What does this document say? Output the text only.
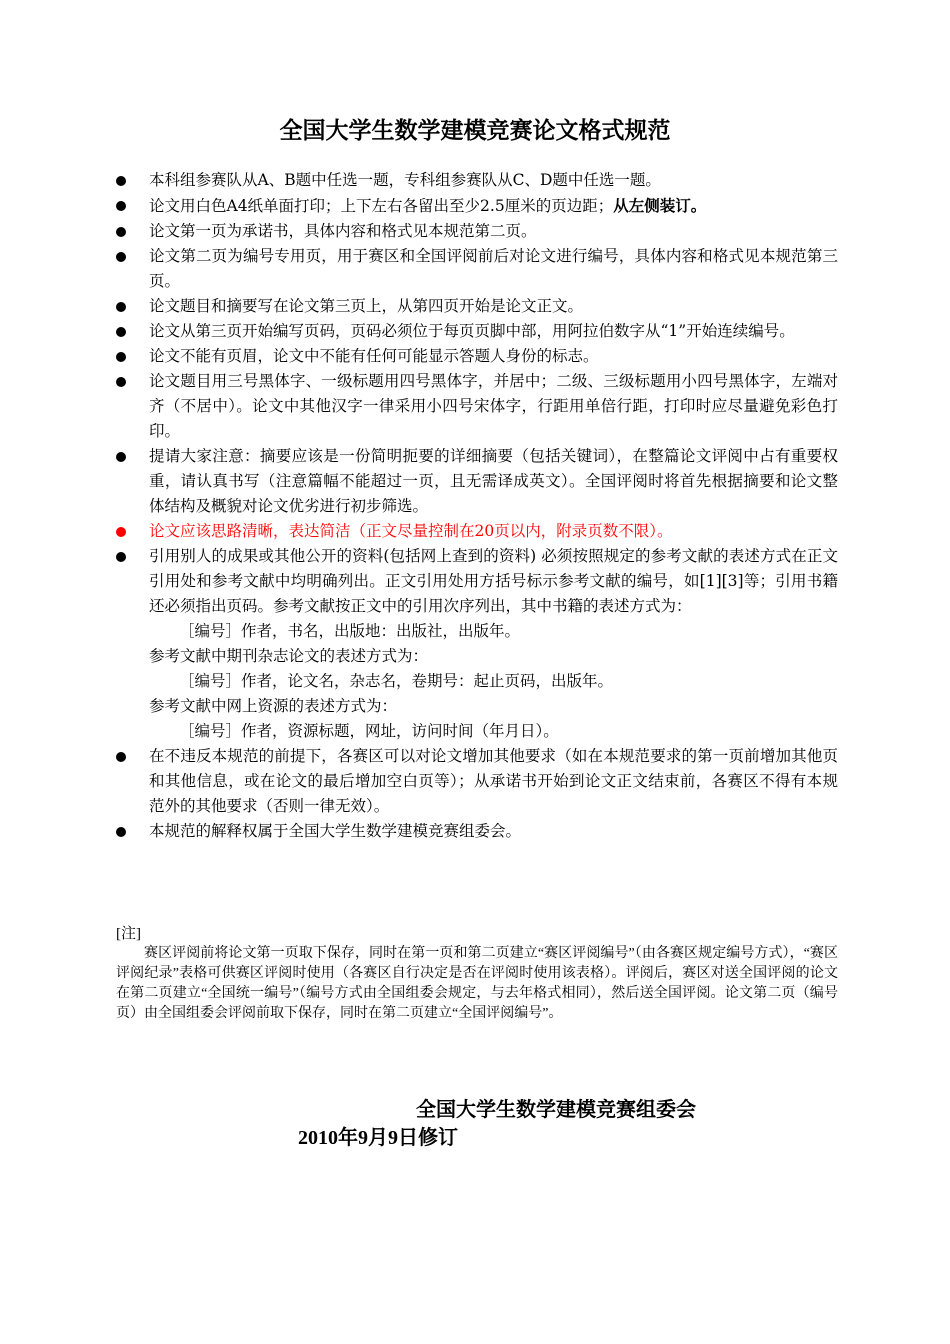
全国大学生数学建模竞赛论文格式规范
本科组参赛队从A、B题中任选一题，专科组参赛队从C、D题中任选一题。
论文用白色A4纸单面打印；上下左右各留出至少2.5厘米的页边距；从左侧装订。
论文第一页为承诺书，具体内容和格式见本规范第二页。
论文第二页为编号专用页，用于赛区和全国评阅前后对论文进行编号，具体内容和格式见本规范第三页。
论文题目和摘要写在论文第三页上，从第四页开始是论文正文。
论文从第三页开始编写页码，页码必须位于每页页脚中部，用阿拉伯数字从“1”开始连续编号。
论文不能有页眉，论文中不能有任何可能显示答题人身份的标志。
论文题目用三号黑体字、一级标题用四号黑体字，并居中；二级、三级标题用小四号黑体字，左端对齐（不居中）。论文中其他汉字一律采用小四号宋体字，行距用单倍行距，打印时应尽量避免彩色打印。
提请大家注意：摘要应该是一份简明扼要的详细摘要（包括关键词），在整篇论文评阅中占有重要权重，请认真书写（注意篇幅不能超过一页，且无需译成英文）。全国评阅时将首先根据摘要和论文整体结构及概貌对论文优劣进行初步筛选。
论文应该思路清晰，表达简洁（正文尽量控制在20页以内，附录页数不限）。
引用别人的成果或其他公开的资料(包括网上查到的资料) 必须按照规定的参考文献的表述方式在正文引用处和参考文献中均明确列出。正文引用处用方括号标示参考文献的编号，如[1][3]等；引用书籍还必须指出页码。参考文献按正文中的引用次序列出，其中书籍的表述方式为：
［编号］作者，书名，出版地：出版社，出版年。
参考文献中期刊杂志论文的表述方式为：
［编号］作者，论文名，杂志名，卷期号：起止页码，出版年。
参考文献中网上资源的表述方式为：
［编号］作者，资源标题，网址，访问时间（年月日）。
在不违反本规范的前提下，各赛区可以对论文增加其他要求（如在本规范要求的第一页前增加其他页和其他信息，或在论文的最后增加空白页等）；从承诺书开始到论文正文结束前，各赛区不得有本规范外的其他要求（否则一律无效）。
本规范的解释权属于全国大学生数学建模竞赛组委会。
[注]
赛区评阅前将论文第一页取下保存，同时在第一页和第二页建立“赛区评阅编号”（由各赛区规定编号方式），“赛区评阅纪录”表格可供赛区评阅时使用（各赛区自行决定是否在评阅时使用该表格）。评阅后，赛区对送全国评阅的论文在第二页建立“全国统一编号”（编号方式由全国组委会规定，与去年格式相同），然后送全国评阅。论文第二页（编号页）由全国组委会评阅前取下保存，同时在第二页建立“全国评阅编号”。
全国大学生数学建模竞赛组委会
2010年9月9日修订
